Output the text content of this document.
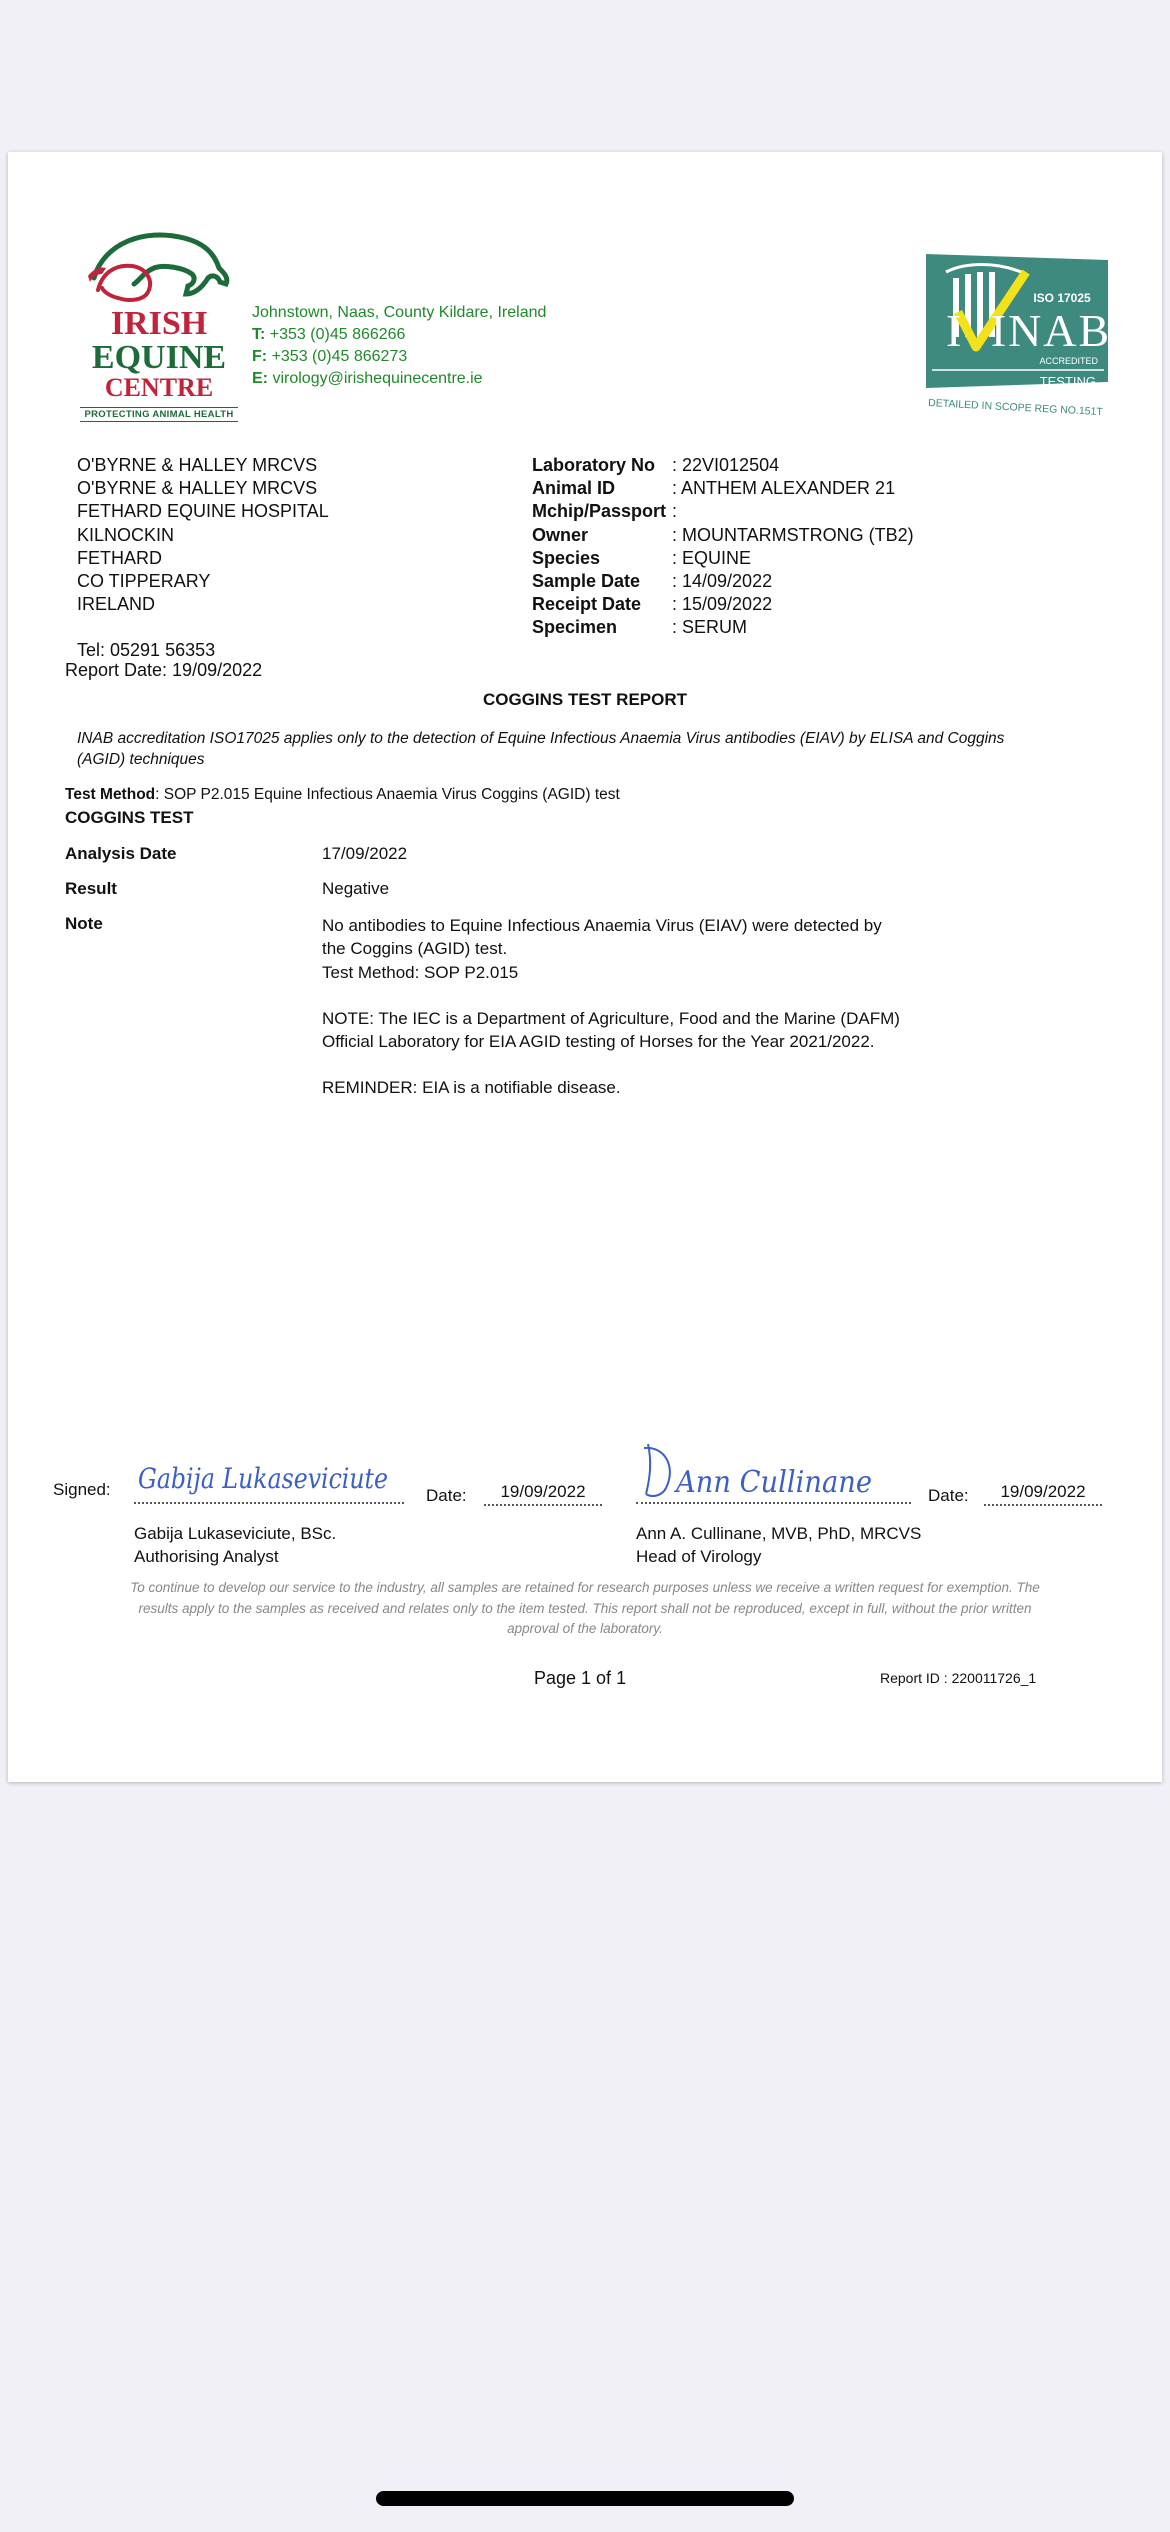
IRISH
EQUINE
CENTRE
PROTECTING ANIMAL HEALTH
Johnstown, Naas, County Kildare, Ireland
T: +353 (0)45 866266
F: +353 (0)45 866273
E: virology@irishequinecentre.ie
ISO 17025
INAB
I
ACCREDITED
TESTING
DETAILED IN SCOPE REG NO.151T
O'BYRNE & HALLEY MRCVS
O'BYRNE & HALLEY MRCVS
FETHARD EQUINE HOSPITAL
KILNOCKIN
FETHARD
CO TIPPERARY
IRELAND
Laboratory No : 22VI012504
Animal ID	: ANTHEM ALEXANDER 21
Mchip/Passport :
Owner	: MOUNTARMSTRONG (TB2)
Species	: EQUINE
Sample Date	: 14/09/2022
Receipt Date	: 15/09/2022
Specimen	: SERUM
Tel: 05291 56353
Report Date: 19/09/2022
COGGINS TEST REPORT
INAB accreditation ISO17025 applies only to the detection of Equine Infectious Anaemia Virus antibodies (EIAV) by ELISA and Coggins (AGID) techniques
Test Method: SOP P2.015 Equine Infectious Anaemia Virus Coggins (AGID) test
COGGINS TEST
Analysis Date	17/09/2022
Result	Negative
Note	No antibodies to Equine Infectious Anaemia Virus (EIAV) were detected by the Coggins (AGID) test.

Test Method: SOP P2.015

NOTE: The IEC is a Department of Agriculture, Food and the Marine (DAFM) Official Laboratory for EIA AGID testing of Horses for the Year 2021/2022.

REMINDER: EIA is a notifiable disease.

Signed: Gabija Lukaseviciute
Date:	19/09/2022
Gabija Lukaseviciute, BSc.
Authorising Analyst
Ann Cullinane	Date:	19/09/2022
Ann A. Cullinane, MVB, PhD, MRCVS
Head of Virology
To continue to develop our service to the industry, all samples are retained for research purposes unless we receive a written request for exemption. The results apply to the samples as received and relates only to the item tested. This report shall not be reproduced, except in full, without the prior written approval of the laboratory.
Page 1 of 1	Report ID : 220011726_1
